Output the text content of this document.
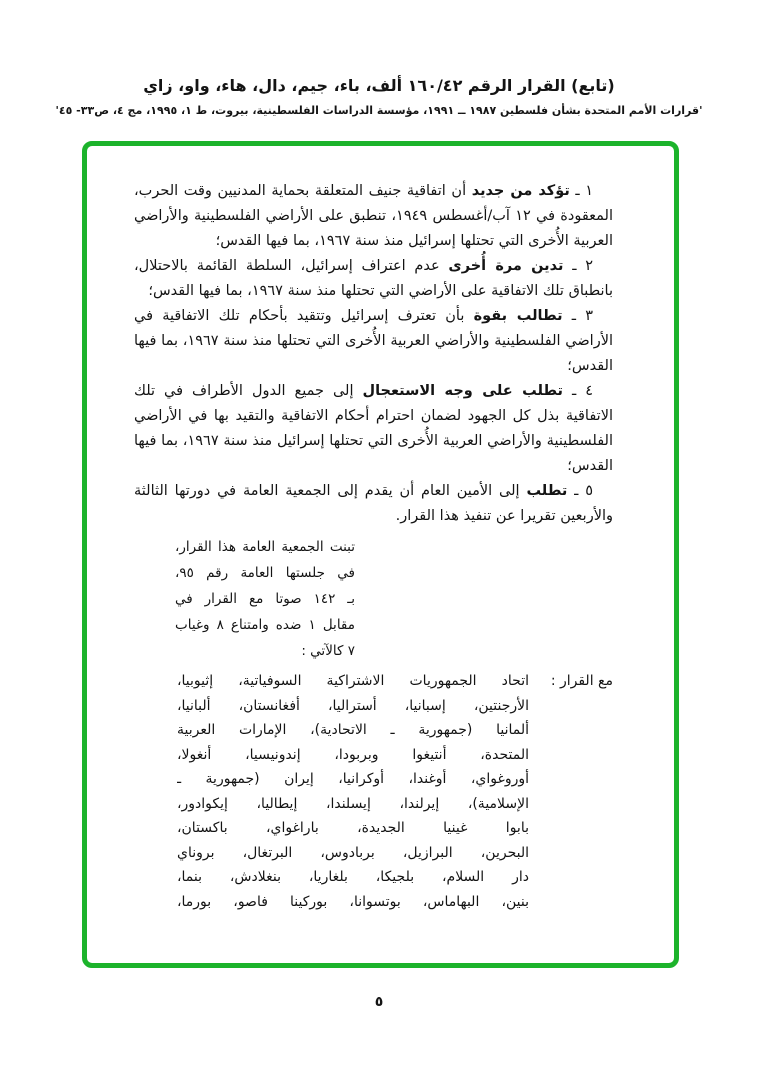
(تابع) القرار الرقم ١٦٠/٤٢ ألف، باء، جيم، دال، هاء، واو، زاي
'قرارات الأمم المتحدة بشأن فلسطين ١٩٨٧ ــ ١٩٩١، مؤسسة الدراسات الفلسطينية، بيروت، ط ١، ١٩٩٥، مج ٤، ص٣٣- ٤٥'

١ ـ تؤكد من جديد أن اتفاقية جنيف المتعلقة بحماية المدنيين وقت الحرب، المعقودة في ١٢ آب/أغسطس ١٩٤٩، تنطبق على الأراضي الفلسطينية والأراضي العربية الأُخرى التي تحتلها إسرائيل منذ سنة ١٩٦٧، بما فيها القدس؛

٢ ـ تدين مرة أُخرى عدم اعتراف إسرائيل، السلطة القائمة بالاحتلال، بانطباق تلك الاتفاقية على الأراضي التي تحتلها منذ سنة ١٩٦٧، بما فيها القدس؛

٣ ـ تطالب بقوة بأن تعترف إسرائيل وتتقيد بأحكام تلك الاتفاقية في الأراضي الفلسطينية والأراضي العربية الأُخرى التي تحتلها منذ سنة ١٩٦٧، بما فيها القدس؛

٤ ـ تطلب على وجه الاستعجال إلى جميع الدول الأطراف في تلك الاتفاقية بذل كل الجهود لضمان احترام أحكام الاتفاقية والتقيد بها في الأراضي الفلسطينية والأراضي العربية الأُخرى التي تحتلها إسرائيل منذ سنة ١٩٦٧، بما فيها القدس؛

٥ ـ تطلب إلى الأمين العام أن يقدم إلى الجمعية العامة في دورتها الثالثة والأربعين تقريرا عن تنفيذ هذا القرار.

تبنت الجمعية العامة هذا القرار،
في جلستها العامة رقم ٩٥،
بـ ١٤٢ صوتا مع القرار في
مقابل ١ ضده وامتناع ٨ وغياب
٧ كالآتي :
مع القرار :
اتحاد الجمهوريات الاشتراكية السوفياتية، إثيوبيا،
الأرجنتين، إسبانيا، أستراليا، أفغانستان، ألبانيا،
ألمانيا (جمهورية ـ الاتحادية)، الإمارات العربية
المتحدة، أنتيغوا وبربودا، إندونيسيا، أنغولا،
أوروغواي، أوغندا، أوكرانيا، إيران (جمهورية ـ
الإسلامية)، إيرلندا، إيسلندا، إيطاليا، إيكوادور،
بابوا غينيا الجديدة، باراغواي، باكستان،
البحرين، البرازيل، بربادوس، البرتغال، بروناي
دار السلام، بلجيكا، بلغاريا، بنغلادش، بنما،
بنين، البهاماس، بوتسوانا، بوركينا فاصو، بورما،
٥
